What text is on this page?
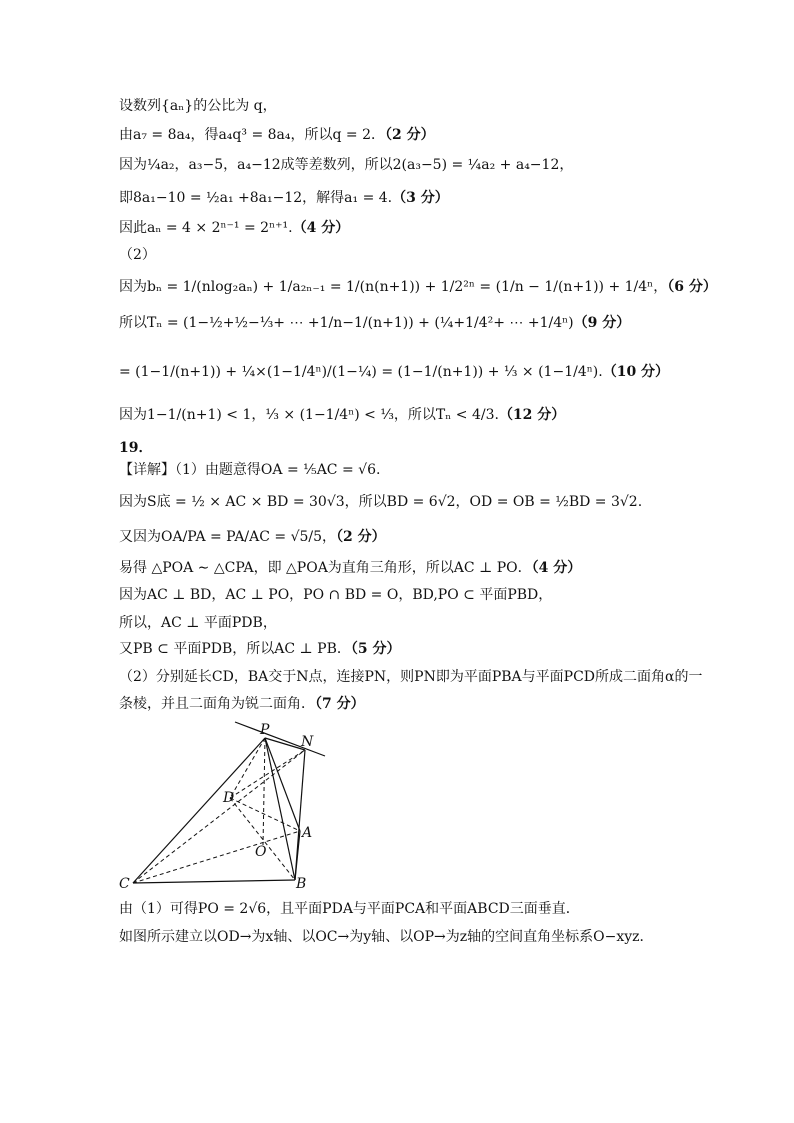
设数列{aₙ}的公比为 q，
由a₇ = 8a₄，得a₄q³ = 8a₄，所以q = 2．（2 分）
因为¼a₂，a₃−5，a₄−12成等差数列，所以2(a₃−5) = ¼a₂ + a₄−12，
即8a₁−10 = ½a₁ +8a₁−12，解得a₁ = 4.（3 分）
因此aₙ = 4 × 2ⁿ⁻¹ = 2ⁿ⁺¹.（4 分）
（2）
因为bₙ = 1/(nlog₂aₙ) + 1/a₂ₙ₋₁ = 1/(n(n+1)) + 1/2²ⁿ = (1/n − 1/(n+1)) + 1/4ⁿ，（6 分）
所以Tₙ = (1−½+½−⅓+ ⋯ +1/n−1/(n+1)) + (¼+1/4²+ ⋯ +1/4ⁿ)（9 分）
= (1−1/(n+1)) + ¼×(1−1/4ⁿ)/(1−¼) = (1−1/(n+1)) + ⅓ × (1−1/4ⁿ).（10 分）
因为1−1/(n+1) < 1，⅓ × (1−1/4ⁿ) < ⅓，所以Tₙ < 4/3.（12 分）
19．
【详解】（1）由题意得OA = ⅕AC = √6.
因为S底 = ½ × AC × BD = 30√3，所以BD = 6√2，OD = OB = ½BD = 3√2.
又因为OA/PA = PA/AC = √5/5，（2 分）
易得 △POA ∼ △CPA，即 △POA为直角三角形，所以AC ⊥ PO．（4 分）
因为AC ⊥ BD，AC ⊥ PO，PO ∩ BD = O，BD,PO ⊂ 平面PBD，
所以，AC ⊥ 平面PDB，
又PB ⊂ 平面PDB，所以AC ⊥ PB．（5 分）
（2）分别延长CD，BA交于N点，连接PN，则PN即为平面PBA与平面PCD所成二面角α的一
条棱，并且二面角为锐二面角．（7 分）
P
N
D
A
O
C	B
由（1）可得PO = 2√6，且平面PDA与平面PCA和平面ABCD三面垂直．
如图所示建立以OD→为x轴、以OC→为y轴、以OP→为z轴的空间直角坐标系O−xyz．
